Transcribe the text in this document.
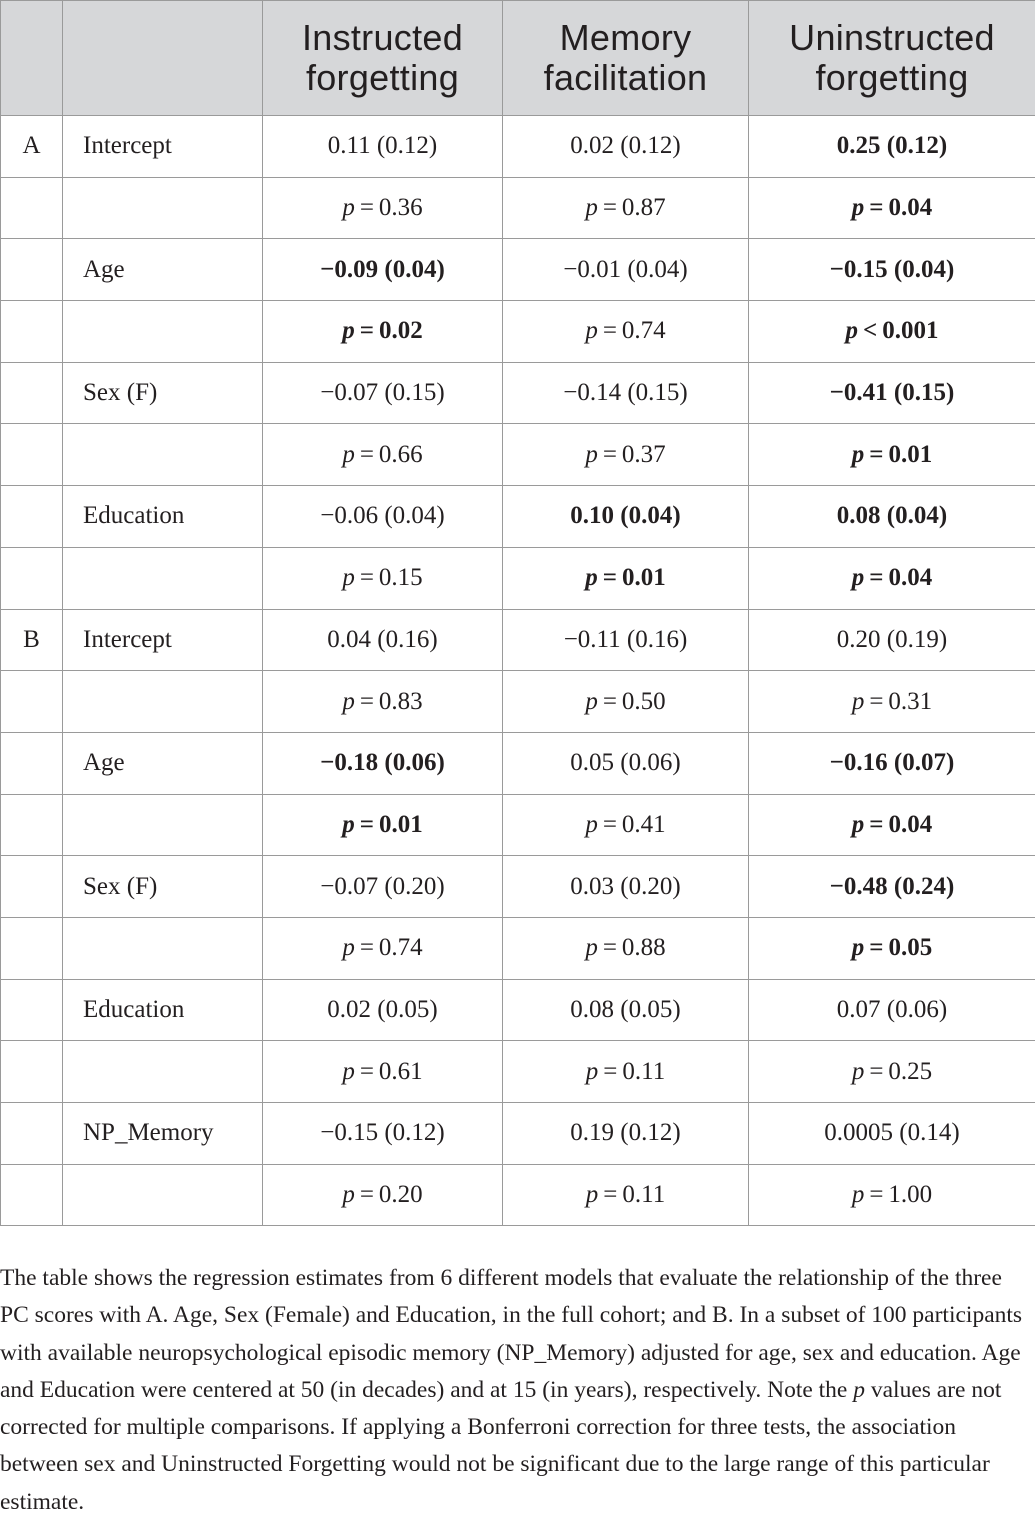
		Instructed forgetting	Memory facilitation	Uninstructed forgetting
A	Intercept	0.11 (0.12)	0.02 (0.12)	0.25 (0.12)
		p = 0.36	p = 0.87	p = 0.04
	Age	−0.09 (0.04)	−0.01 (0.04)	−0.15 (0.04)
		p = 0.02	p = 0.74	p < 0.001
	Sex (F)	−0.07 (0.15)	−0.14 (0.15)	−0.41 (0.15)
		p = 0.66	p = 0.37	p = 0.01
	Education	−0.06 (0.04)	0.10 (0.04)	0.08 (0.04)
		p = 0.15	p = 0.01	p = 0.04
B	Intercept	0.04 (0.16)	−0.11 (0.16)	0.20 (0.19)
		p = 0.83	p = 0.50	p = 0.31
	Age	−0.18 (0.06)	0.05 (0.06)	−0.16 (0.07)
		p = 0.01	p = 0.41	p = 0.04
	Sex (F)	−0.07 (0.20)	0.03 (0.20)	−0.48 (0.24)
		p = 0.74	p = 0.88	p = 0.05
	Education	0.02 (0.05)	0.08 (0.05)	0.07 (0.06)
		p = 0.61	p = 0.11	p = 0.25
	NP_Memory	−0.15 (0.12)	0.19 (0.12)	0.0005 (0.14)
		p = 0.20	p = 0.11	p = 1.00

The table shows the regression estimates from 6 different models that evaluate the relationship of the three PC scores with A. Age, Sex (Female) and Education, in the full cohort; and B. In a subset of 100 participants with available neuropsychological episodic memory (NP_Memory) adjusted for age, sex and education. Age and Education were centered at 50 (in decades) and at 15 (in years), respectively. Note the p values are not corrected for multiple comparisons. If applying a Bonferroni correction for three tests, the association between sex and Uninstructed Forgetting would not be significant due to the large range of this particular estimate.
